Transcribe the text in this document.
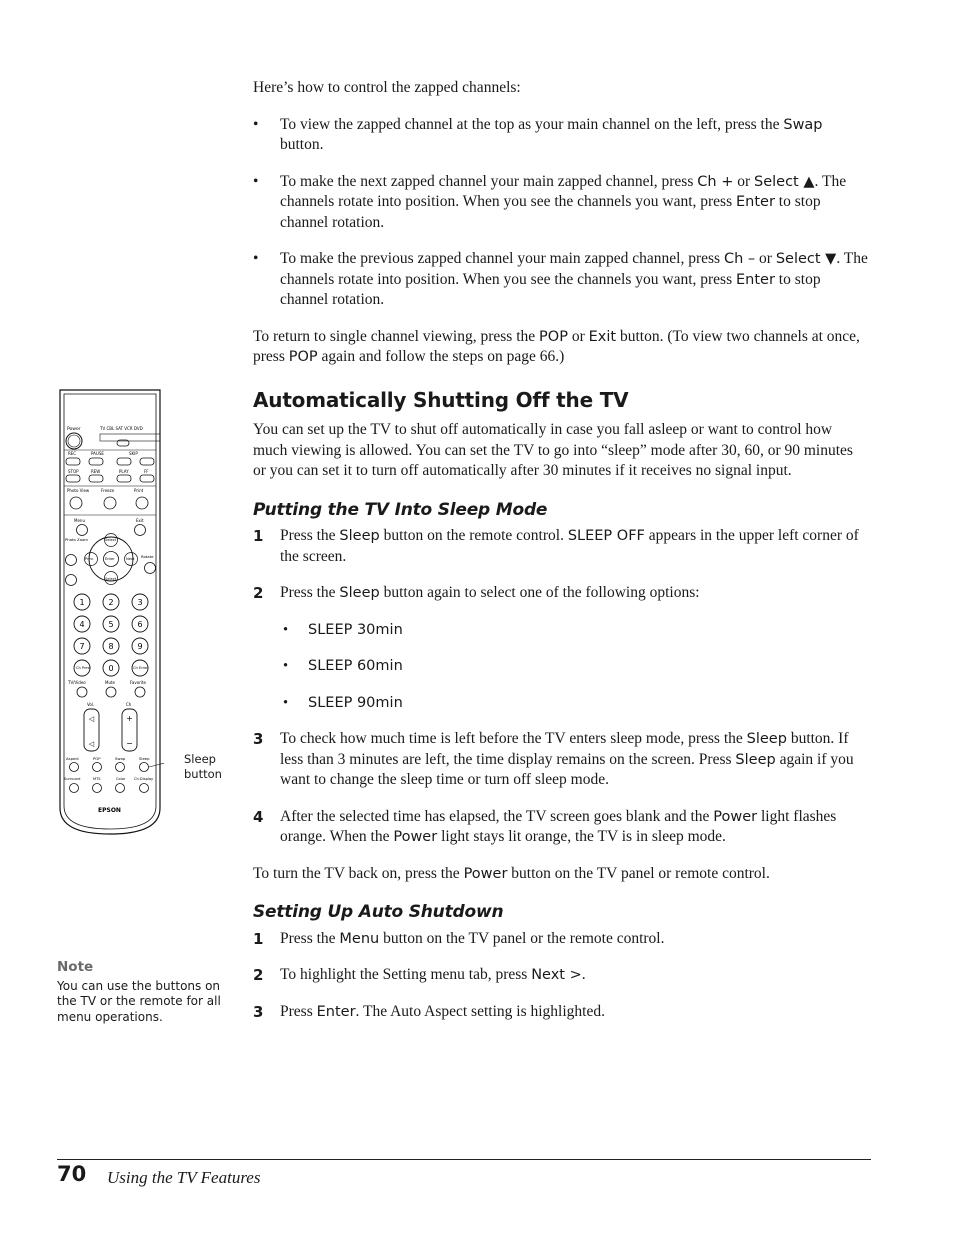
Power	TV CBL SAT VCR DVD
REC	PAUSE	SKIP
STOP	REW	PLAY	FF
Photo View	Freeze	Print
Menu	Exit
Select
Prev.	Enter	Next
Select
Photo Zoom
Rotate
1	2	3
4	5	6
7	8	9
0
Ch Prev.	Ch Enter
TV/Video	Mute	Favorite
Vol.	Ch
◁
◁
+
−
Aspect	POP	Swap	Sleep
Surround	MTS	Color Ch.Display
EPSON
Sleep
button
Note
You can use the buttons on the TV or the remote for all menu operations.

Here’s how to control the zapped channels:

• To view the zapped channel at the top as your main channel on the left, press the Swap button.
• To make the next zapped channel your main zapped channel, press Ch + or Select ▲. The channels rotate into position. When you see the channels you want, press Enter to stop channel rotation.
• To make the previous zapped channel your main zapped channel, press Ch – or Select ▼. The channels rotate into position. When you see the channels you want, press Enter to stop channel rotation.

To return to single channel viewing, press the POP or Exit button. (To view two channels at once, press POP again and follow the steps on page 66.)

Automatically Shutting Off the TV

You can set up the TV to shut off automatically in case you fall asleep or want to control how much viewing is allowed. You can set the TV to go into “sleep” mode after 30, 60, or 90 minutes or you can set it to turn off automatically after 30 minutes if it receives no signal input.

Putting the TV Into Sleep Mode
1 Press the Sleep button on the remote control. SLEEP OFF appears in the upper left corner of the screen.
2 Press the Sleep button again to select one of the following options:
• SLEEP 30min
• SLEEP 60min
• SLEEP 90min
3 To check how much time is left before the TV enters sleep mode, press the Sleep button. If less than 3 minutes are left, the time display remains on the screen. Press Sleep again if you want to change the sleep time or turn off sleep mode.
4 After the selected time has elapsed, the TV screen goes blank and the Power light flashes orange. When the Power light stays lit orange, the TV is in sleep mode.

To turn the TV back on, press the Power button on the TV panel or remote control.

Setting Up Auto Shutdown
1 Press the Menu button on the TV panel or the remote control.
2 To highlight the Setting menu tab, press Next >.
3 Press Enter. The Auto Aspect setting is highlighted.
70 Using the TV Features
